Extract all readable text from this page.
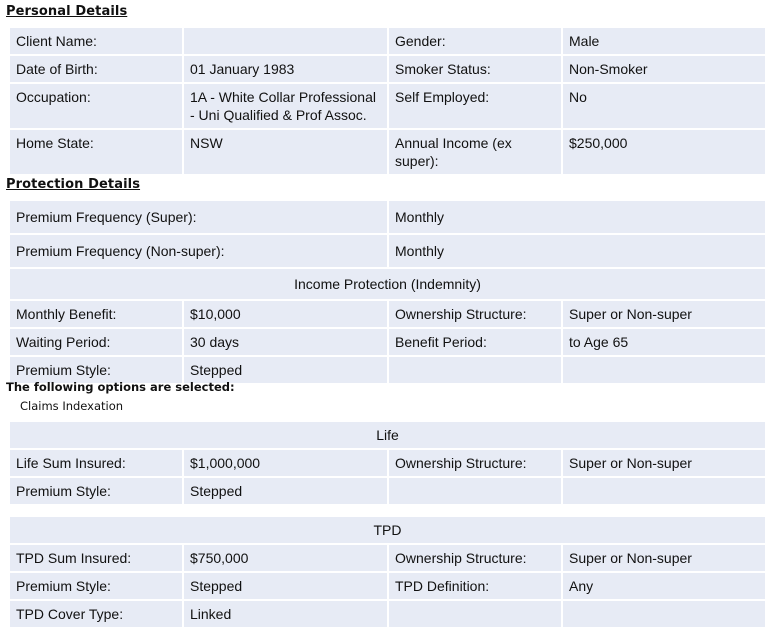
Personal Details
Client Name:		Gender:	Male
Date of Birth:	01 January 1983	Smoker Status:	Non-Smoker
Occupation:	1A - White Collar Professional - Uni Qualified & Prof Assoc.	Self Employed:	No
Home State:	NSW	Annual Income (ex super):	$250,000
Protection Details
Premium Frequency (Super):		Monthly	
Premium Frequency (Non-super):		Monthly	
Income Protection (Indemnity)			
Monthly Benefit:	$10,000	Ownership Structure:	Super or Non-super
Waiting Period:	30 days	Benefit Period:	to Age 65
Premium Style:	Stepped		
The following options are selected:
Claims Indexation
Life			
Life Sum Insured:	$1,000,000	Ownership Structure:	Super or Non-super
Premium Style:	Stepped		
TPD			
TPD Sum Insured:	$750,000	Ownership Structure:	Super or Non-super
Premium Style:	Stepped	TPD Definition:	Any
TPD Cover Type:	Linked		
